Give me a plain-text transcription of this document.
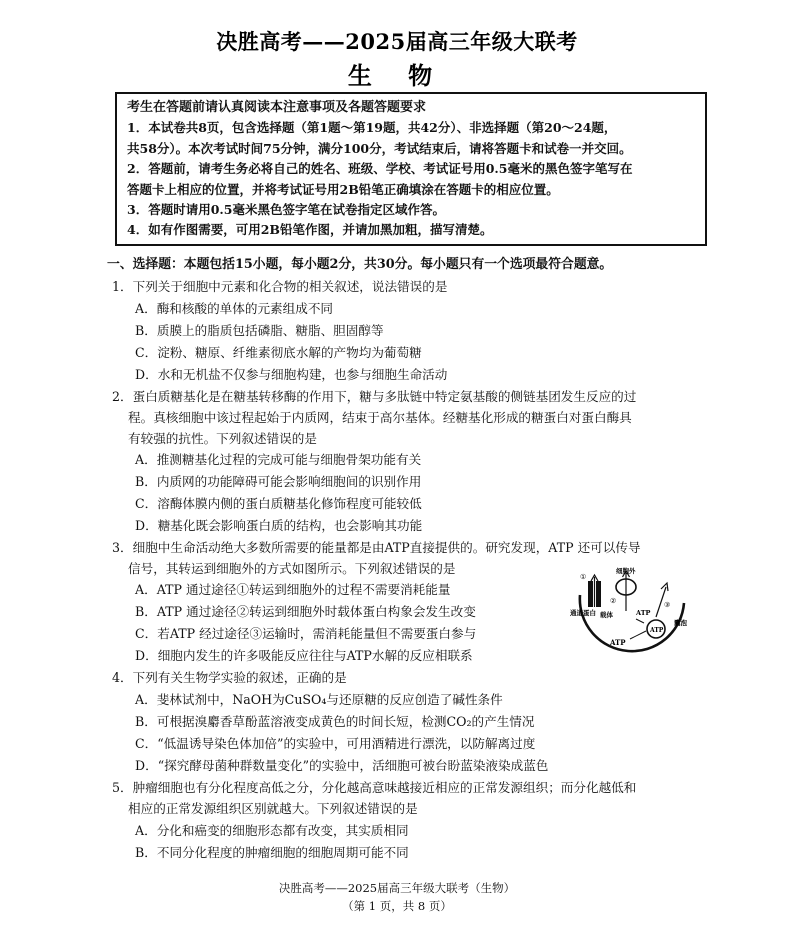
决胜高考——2025届高三年级大联考
生 物

考生在答题前请认真阅读本注意事项及各题答题要求

1．本试卷共8页，包含选择题（第1题～第19题，共42分）、非选择题（第20～24题，

共58分）。本次考试时间75分钟，满分100分，考试结束后，请将答题卡和试卷一并交回。

2．答题前，请考生务必将自己的姓名、班级、学校、考试证号用0.5毫米的黑色签字笔写在

答题卡上相应的位置，并将考试证号用2B铅笔正确填涂在答题卡的相应位置。

3．答题时请用0.5毫米黑色签字笔在试卷指定区域作答。

4．如有作图需要，可用2B铅笔作图，并请加黑加粗，描写清楚。

一、选择题：本题包括15小题，每小题2分，共30分。每小题只有一个选项最符合题意。
1．下列关于细胞中元素和化合物的相关叙述，说法错误的是
A．酶和核酸的单体的元素组成不同
B．质膜上的脂质包括磷脂、糖脂、胆固醇等
C．淀粉、糖原、纤维素彻底水解的产物均为葡萄糖
D．水和无机盐不仅参与细胞构建，也参与细胞生命活动
2．蛋白质糖基化是在糖基转移酶的作用下，糖与多肽链中特定氨基酸的侧链基团发生反应的过
程。真核细胞中该过程起始于内质网，结束于高尔基体。经糖基化形成的糖蛋白对蛋白酶具
有较强的抗性。下列叙述错误的是
A．推测糖基化过程的完成可能与细胞骨架功能有关
B．内质网的功能障碍可能会影响细胞间的识别作用
C．溶酶体膜内侧的蛋白质糖基化修饰程度可能较低
D．糖基化既会影响蛋白质的结构，也会影响其功能
3．细胞中生命活动绝大多数所需要的能量都是由ATP直接提供的。研究发现，ATP 还可以传导
信号，其转运到细胞外的方式如图所示。下列叙述错误的是
A．ATP 通过途径①转运到细胞外的过程不需要消耗能量
B．ATP 通过途径②转运到细胞外时载体蛋白构象会发生改变
C．若ATP 经过途径③运输时，需消耗能量但不需要蛋白参与
D．细胞内发生的许多吸能反应往往与ATP水解的反应相联系
细胞外
通道蛋白 载体
囊泡
ATP
ATP
ATP
①
②	③
4．下列有关生物学实验的叙述，正确的是
A．斐林试剂中，NaOH为CuSO₄与还原糖的反应创造了碱性条件
B．可根据溴麝香草酚蓝溶液变成黄色的时间长短，检测CO₂的产生情况
C．“低温诱导染色体加倍”的实验中，可用酒精进行漂洗，以防解离过度
D．“探究酵母菌种群数量变化”的实验中，活细胞可被台盼蓝染液染成蓝色
5．肿瘤细胞也有分化程度高低之分，分化越高意味越接近相应的正常发源组织；而分化越低和
相应的正常发源组织区别就越大。下列叙述错误的是
A．分化和癌变的细胞形态都有改变，其实质相同
B．不同分化程度的肿瘤细胞的细胞周期可能不同
决胜高考——2025届高三年级大联考（生物）
（第 1 页，共 8 页）
